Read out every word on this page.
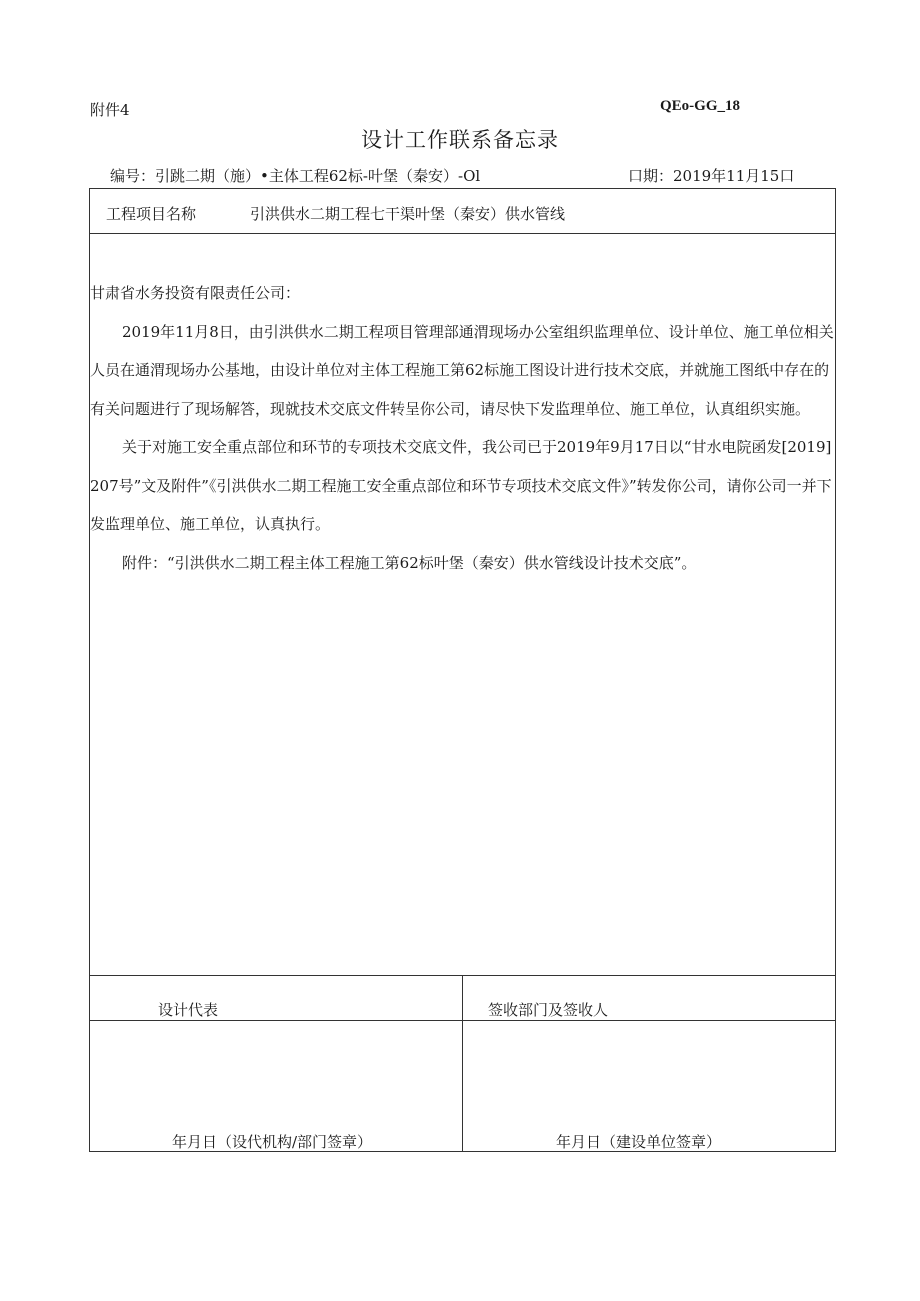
附件4	QEo-GG_18
设计工作联系备忘录
编号：引跳二期（施）•主体工程62标-叶堡（秦安）-Ol	口期：2019年11月15口
工程项目名称	引洪供水二期工程七干渠叶堡（秦安）供水管线

甘肃省水务投资有限责任公司：

2019年11月8日，由引洪供水二期工程项目管理部通渭现场办公室组织监理单位、设计单位、施工单位相关人员在通渭现场办公基地，由设计单位对主体工程施工第62标施工图设计进行技术交底，并就施工图纸中存在的有关问题进行了现场解答，现就技术交底文件转呈你公司，请尽快下发监理单位、施工单位，认真组织实施。

关于对施工安全重点部位和环节的专项技术交底文件，我公司已于2019年9月17日以“甘水电院函发[2019]207号”文及附件”《引洪供水二期工程施工安全重点部位和环节专项技术交底文件》”转发你公司，请你公司一并下发监理单位、施工单位，认真执行。

附件：“引洪供水二期工程主体工程施工第62标叶堡（秦安）供水管线设计技术交底”。

设计代表	签收部门及签收人
年月日（设代机构/部门签章）	年月日（建设单位签章）
